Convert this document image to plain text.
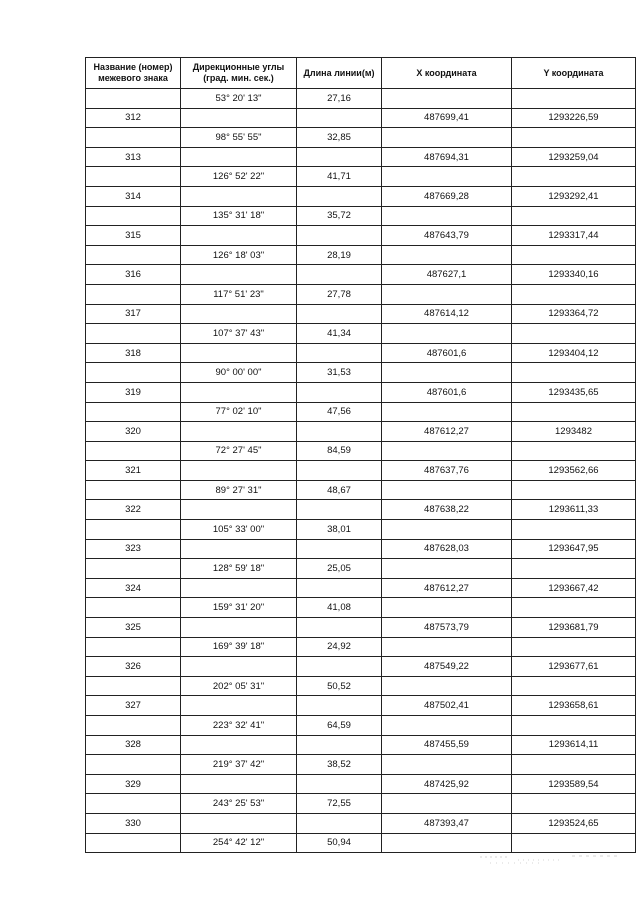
Название (номер) межевого знака	Дирекционные углы (град. мин. сек.)	Длина линии(м)	X координата	Y координата
	53° 20' 13"	27,16		
312			487699,41	1293226,59
	98° 55' 55"	32,85		
313			487694,31	1293259,04
	126° 52' 22"	41,71		
314			487669,28	1293292,41
	135° 31' 18"	35,72		
315			487643,79	1293317,44
	126° 18' 03"	28,19		
316			487627,1	1293340,16
	117° 51' 23"	27,78		
317			487614,12	1293364,72
	107° 37' 43"	41,34		
318			487601,6	1293404,12
	90° 00' 00"	31,53		
319			487601,6	1293435,65
	77° 02' 10"	47,56		
320			487612,27	1293482
	72° 27' 45"	84,59		
321			487637,76	1293562,66
	89° 27' 31"	48,67		
322			487638,22	1293611,33
	105° 33' 00"	38,01		
323			487628,03	1293647,95
	128° 59' 18"	25,05		
324			487612,27	1293667,42
	159° 31' 20"	41,08		
325			487573,79	1293681,79
	169° 39' 18"	24,92		
326			487549,22	1293677,61
	202° 05' 31"	50,52		
327			487502,41	1293658,61
	223° 32' 41"	64,59		
328			487455,59	1293614,11
	219° 37' 42"	38,52		
329			487425,92	1293589,54
	243° 25' 53"	72,55		
330			487393,47	1293524,65
	254° 42' 12"	50,94		
